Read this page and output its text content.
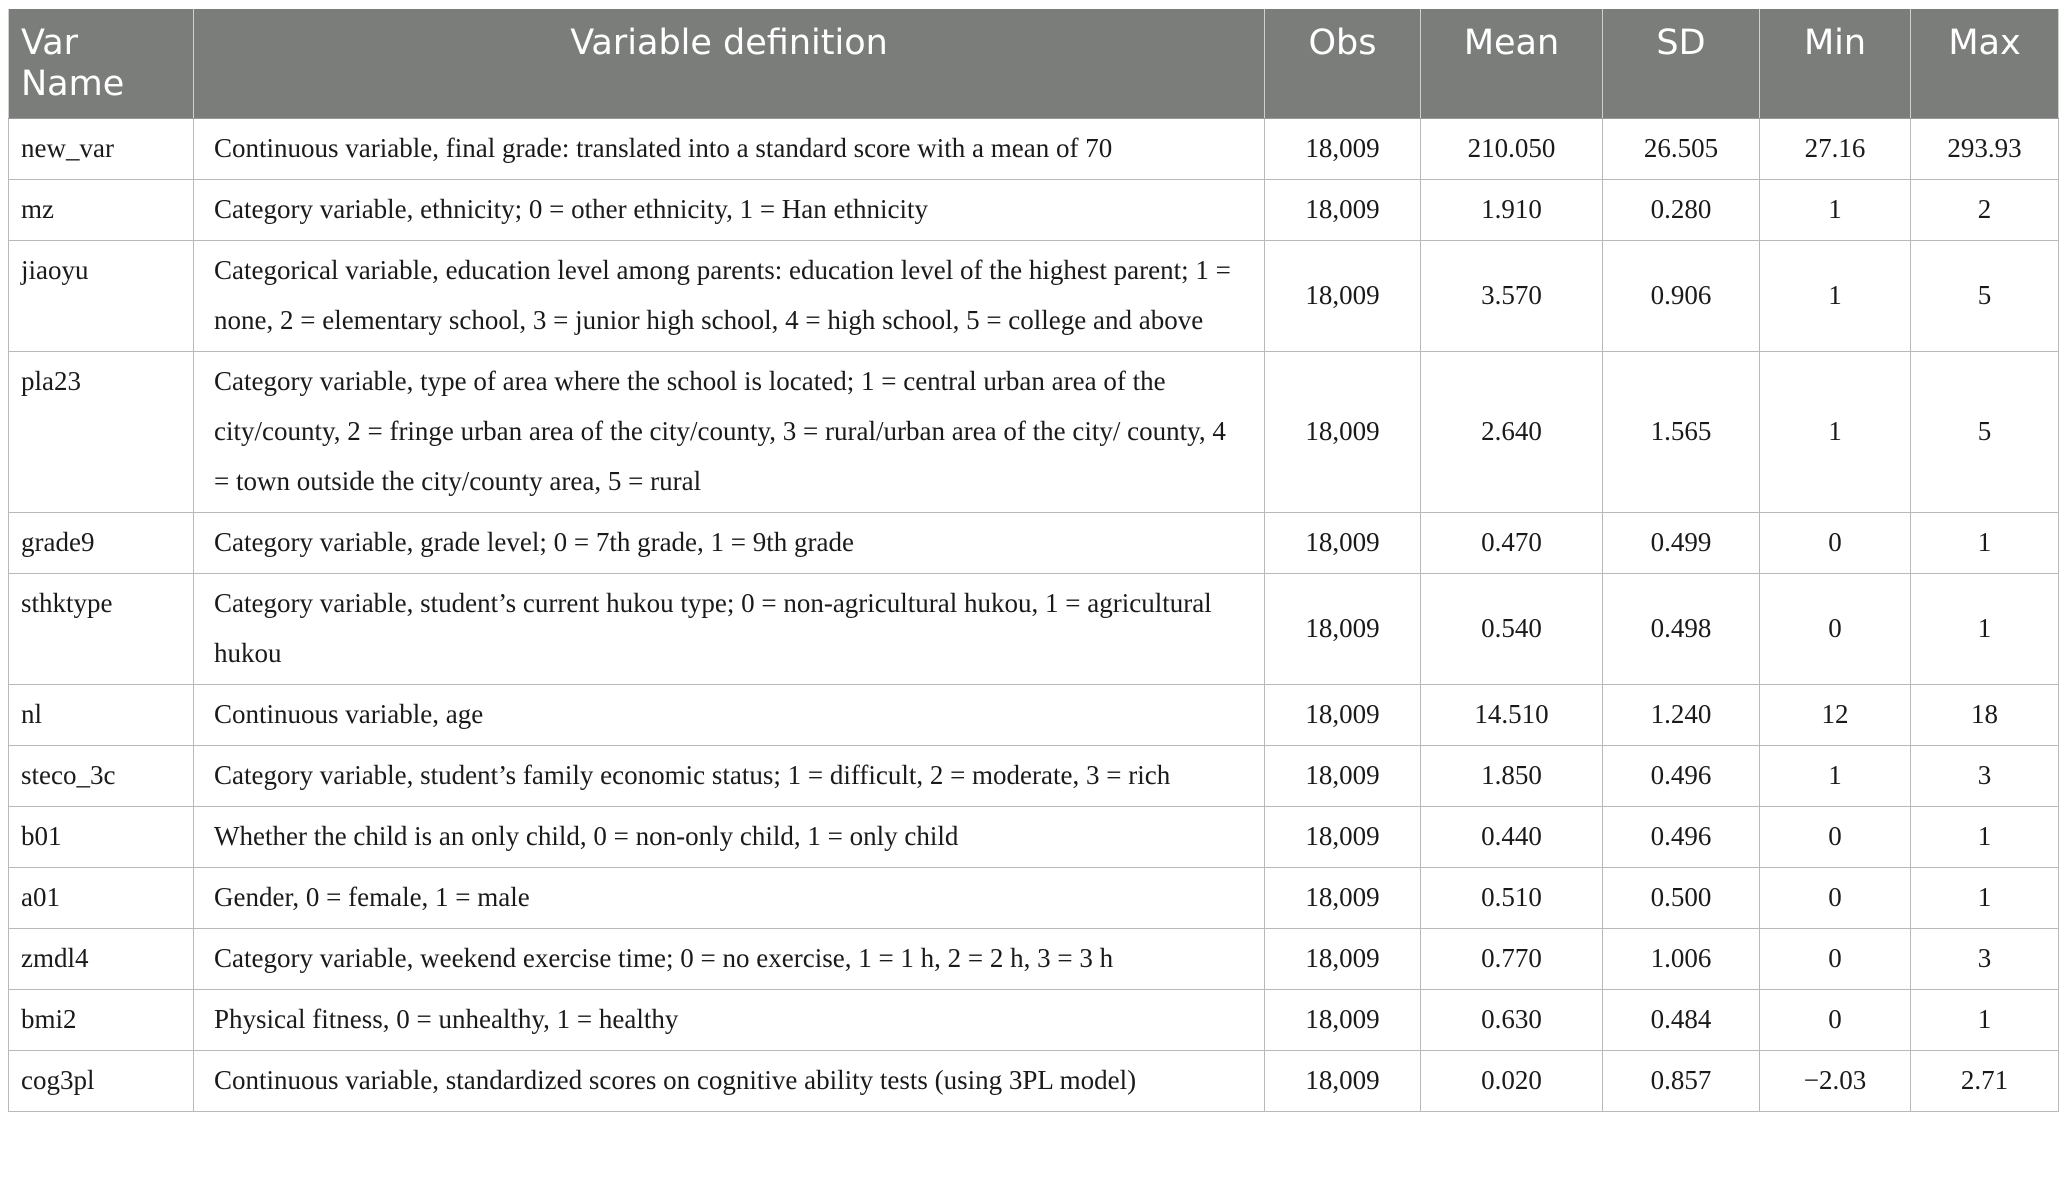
Var Name	Variable definition	Obs	Mean	SD	Min	Max
new_var	Continuous variable, final grade: translated into a standard score with a mean of 70	18,009	210.050	26.505	27.16	293.93
mz	Category variable, ethnicity; 0 = other ethnicity, 1 = Han ethnicity	18,009	1.910	0.280	1	2
jiaoyu	Categorical variable, education level among parents: education level of the highest parent; 1 = none, 2 = elementary school, 3 = junior high school, 4 = high school, 5 = college and above	18,009	3.570	0.906	1	5
pla23	Category variable, type of area where the school is located; 1 = central urban area of the city/county, 2 = fringe urban area of the city/county, 3 = rural/urban area of the city/ county, 4 = town outside the city/county area, 5 = rural	18,009	2.640	1.565	1	5
grade9	Category variable, grade level; 0 = 7th grade, 1 = 9th grade	18,009	0.470	0.499	0	1
sthktype	Category variable, student’s current hukou type; 0 = non-agricultural hukou, 1 = agricultural hukou	18,009	0.540	0.498	0	1
nl	Continuous variable, age	18,009	14.510	1.240	12	18
steco_3c	Category variable, student’s family economic status; 1 = difficult, 2 = moderate, 3 = rich	18,009	1.850	0.496	1	3
b01	Whether the child is an only child, 0 = non-only child, 1 = only child	18,009	0.440	0.496	0	1
a01	Gender, 0 = female, 1 = male	18,009	0.510	0.500	0	1
zmdl4	Category variable, weekend exercise time; 0 = no exercise, 1 = 1 h, 2 = 2 h, 3 = 3 h	18,009	0.770	1.006	0	3
bmi2	Physical fitness, 0 = unhealthy, 1 = healthy	18,009	0.630	0.484	0	1
cog3pl	Continuous variable, standardized scores on cognitive ability tests (using 3PL model)	18,009	0.020	0.857	−2.03	2.71
